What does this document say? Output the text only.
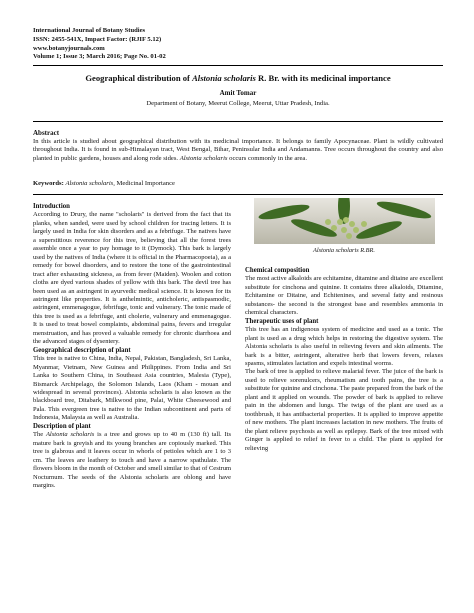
International Journal of Botany Studies
ISSN: 2455-541X, Impact Factor: (RJIF 5.12)
www.botanyjournals.com
Volume 1; Issue 3; March 2016; Page No. 01-02
Geographical distribution of Alstonia scholaris R. Br. with its medicinal importance
Amit Tomar
Department of Botany, Meerut College, Meerut, Uttar Pradesh, India.
Abstract

In this article is studied about geographical distribution with its medicinal importance. It belongs to family Apocynaceae. Plant is wildly cultivated throughout India. It is found in sub-Himalayan tract, West Bengal, Bihar, Peninsular India and Andamanns. Tree occurs throughout the country and also planted in public gardens, houses and along rode sides. Alstonia scholaris occurs commonly in the area.

Keywords: Alstonia scholaris, Medicinal Importance
Introduction

According to Drury, the name "scholaris" is derived from the fact that its planks, when sanded, were used by school children for tracing letters. It is largely used in India for skin disorders and as a febrifuge. The natives have a superstitious reverence for this tree, believing that all the forest trees assemble once a year to pay homage to it (Dymock). This bark is largely used by the natives of India (where it is official in the Pharmacopoeia), as a remedy for bowel disorders, and to restore the tone of the gastrointestinal tract after exhausting sickness, as from fever (Maiden). Woolen and cotton cloths are dyed various shades of yellow with this bark. The devil tree has been used as an astringent in ayurvedic medical science. It is known for its astringent like properties. It is anthelmintic, anticholeric, antispasmodic, astringent, emmenagogue, febrifuge, tonic and vulnerary. The tonic made of this tree is used as a febrifuge, anti cholerie, vulnerary and emmenagogue. It is used to treat bowel complaints, abdominal pains, fevers and irregular menstruation, and has proved a valuable remedy for chronic diarrhoea and the advanced stages of dysentery.

Geographical description of plant

This tree is native to China, India, Nepal, Pakistan, Bangladesh, Sri Lanka, Myanmar, Vietnam, New Guinea and Philippines. From India and Sri Lanka to Southern China, in Southeast Asia countries, Malesia (Type), Bismarck Archipelago, the Solomon Islands, Laos (Kham - mouan and widespread in several provinces). Alstonia scholaris is also known as the blackboard tree, Ditabark, Milkwood pine, Palai, White Cheesewood and Pala. This evergreen tree is native to the Indian subcontinent and parts of Indonesia, Malaysia as well as Australia.

Description of plant

The Alstonia scholaris is a tree and grows up to 40 m (130 ft) tall. Its mature bark is greyish and its young branches are copiously marked. This tree is glabrous and it leaves occur in whorls of petioles which are 1 to 3 cm. The leaves are leathery to touch and have a narrow spathulate. The flowers bloom in the month of October and smell similar to that of Cestrum Nocturnum. The seeds of the Alstonia scholaris are oblong and have margins.

Alstonia scholaris R.BR.
Chemical composition

The most active alkaloids are echitamine, ditamine and ditaine are excellent substitute for cinchona and quinine. It contains three alkaloids, Ditamine, Echitamine or Ditaine, and Echitenines, and several fatty and resinous substances- the second is the strongest base and resembles ammonia in chemical characters.

Therapeutic uses of plant

This tree has an indigenous system of medicine and used as a tonic. The plant is used as a drug which helps in restoring the digestive system. The Alstonia scholaris is also useful in relieving fevers and skin ailments. The bark is a bitter, astringent, alterative herb that lowers fevers, relaxes spasms, stimulates lactation and expels intestinal worms.

The bark of tree is applied to relieve malarial fever. The juice of the bark is used to relieve sorenulcers, rheumatism and tooth pains, the tree is a substitute for quinine and cinchona. The paste prepared from the bark of the plant and it applied on wounds. The powder of bark is applied to relieve pain in the abdomen and lungs. The twigs of the plant are used as a toothbrush, it has antibacterial properties. It is applied to improve appetite of new mothers. The plant increases lactation in new mothers. The fruits of the plant relieve psychosis as well as epilepsy. Bark of the tree mixed with Ginger is applied to relief in fever to a child. The plant is applied for relieving
